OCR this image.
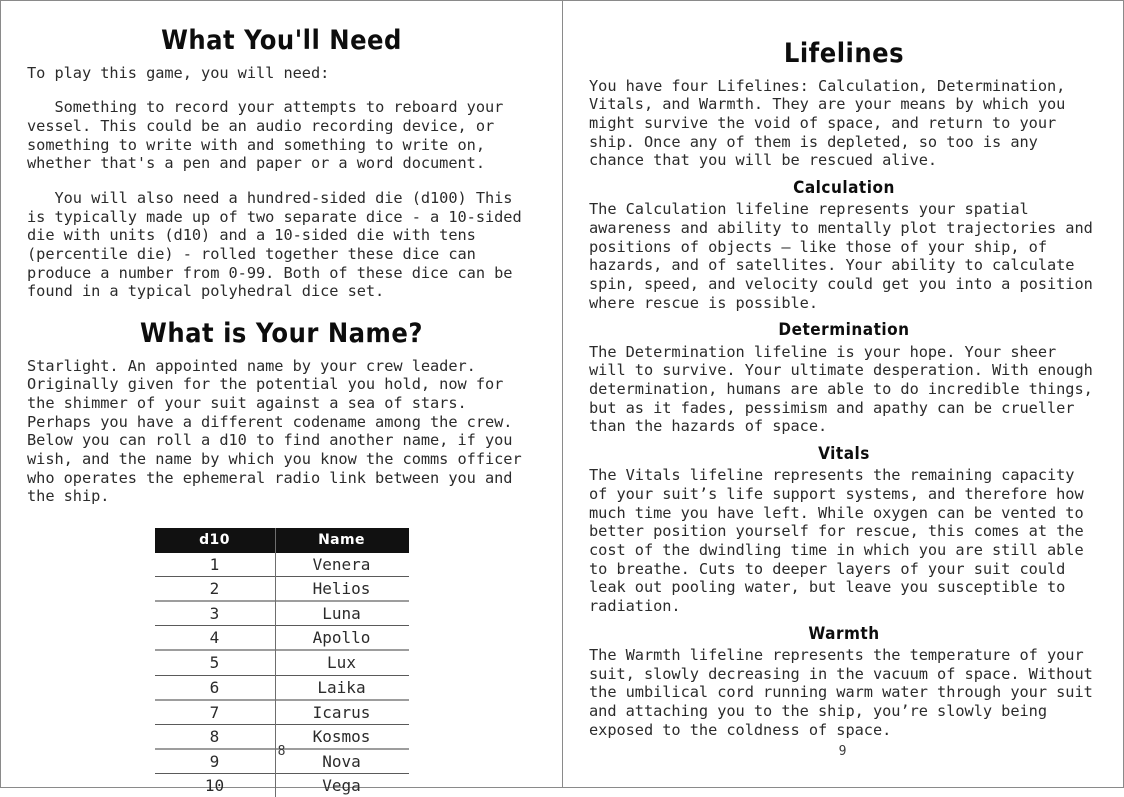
What You'll Need

To play this game, you will need:

Something to record your attempts to reboard your vessel. This could be an audio recording device, or something to write with and something to write on, whether that's a pen and paper or a word document.

You will also need a hundred-sided die (d100) This is typically made up of two separate dice - a 10-sided die with units (d10) and a 10-sided die with tens (percentile die) - rolled together these dice can produce a number from 0-99. Both of these dice can be found in a typical polyhedral dice set.

What is Your Name?

Starlight. An appointed name by your crew leader. Originally given for the potential you hold, now for the shimmer of your suit against a sea of stars. Perhaps you have a different codename among the crew. Below you can roll a d10 to find another name, if you wish, and the name by which you know the comms officer who operates the ephemeral radio link between you and the ship.

d10	Name
1	Venera
2	Helios
3	Luna
4	Apollo
5	Lux
6	Laika
7	Icarus
8	Kosmos
9	Nova
10	Vega
8
Lifelines

You have four Lifelines: Calculation, Determination, Vitals, and Warmth. They are your means by which you might survive the void of space, and return to your ship. Once any of them is depleted, so too is any chance that you will be rescued alive.

Calculation

The Calculation lifeline represents your spatial awareness and ability to mentally plot trajectories and positions of objects — like those of your ship, of hazards, and of satellites. Your ability to calculate spin, speed, and velocity could get you into a position where rescue is possible.

Determination

The Determination lifeline is your hope. Your sheer will to survive. Your ultimate desperation. With enough determination, humans are able to do incredible things, but as it fades, pessimism and apathy can be crueller than the hazards of space.

Vitals

The Vitals lifeline represents the remaining capacity of your suit’s life support systems, and therefore how much time you have left. While oxygen can be vented to better position yourself for rescue, this comes at the cost of the dwindling time in which you are still able to breathe. Cuts to deeper layers of your suit could leak out pooling water, but leave you susceptible to radiation.

Warmth

The Warmth lifeline represents the temperature of your suit, slowly decreasing in the vacuum of space. Without the umbilical cord running warm water through your suit and attaching you to the ship, you’re slowly being exposed to the coldness of space.

9
